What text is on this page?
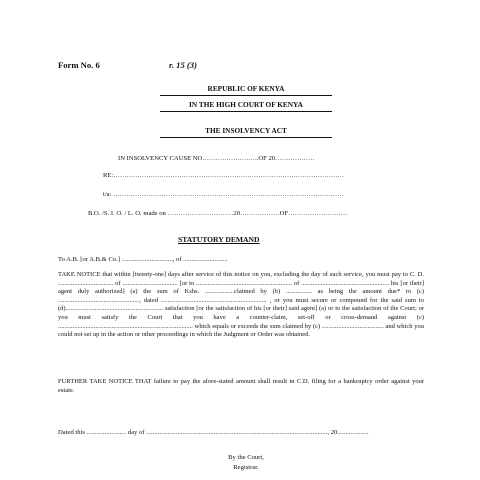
Form No. 6	r. 15 (3)
REPUBLIC OF KENYA
IN THE HIGH COURT OF KENYA
THE INSOLVENCY ACT
IN INSOLVENCY CAUSE NO……………………..OF 20………………
RE:……………………………………………………………………………………………
t/a: ……………………………………………………………………………………………
B.O. /S. I. O. / L. O. made on …………………………20………………OF………………………
STATUTORY DEMAND
To A.B. [or A.B.& Co.] ..............................., of ...........................

TAKE NOTICE that within [twenty-one] days after service of this notice on you, excluding the day of such service, you must pay to C. D. .................................. of .................................. [or to ........................................................... of ...................................................... his [or their] agent duly authorized] (a) the sum of Kshs. ..................claimed by (b) ................ as being the amount due* to (c) .................................................., dated ................................................................. , or you must secure or compound for the said sum to (d)............................................................ satisfaction [or the satisfaction of his [or their] said agent] (a) or to the satisfaction of the Court; or you must satisfy the Court that you have a counter-claim, set-off or cross-demand against (c) ................................................................................... which equals or exceeds the sum claimed by (c) ...................................... and which you could not set up in the action or other proceedings in which the Judgment or Order was obtained.

FURTHER TAKE NOTICE THAT failure to pay the afore-stated amount shall result in C.D. filing for a bankruptcy order against your estate.

Dated this ........................ day of .............................................................................................................., 20...................
By the Court,
Registrar.
